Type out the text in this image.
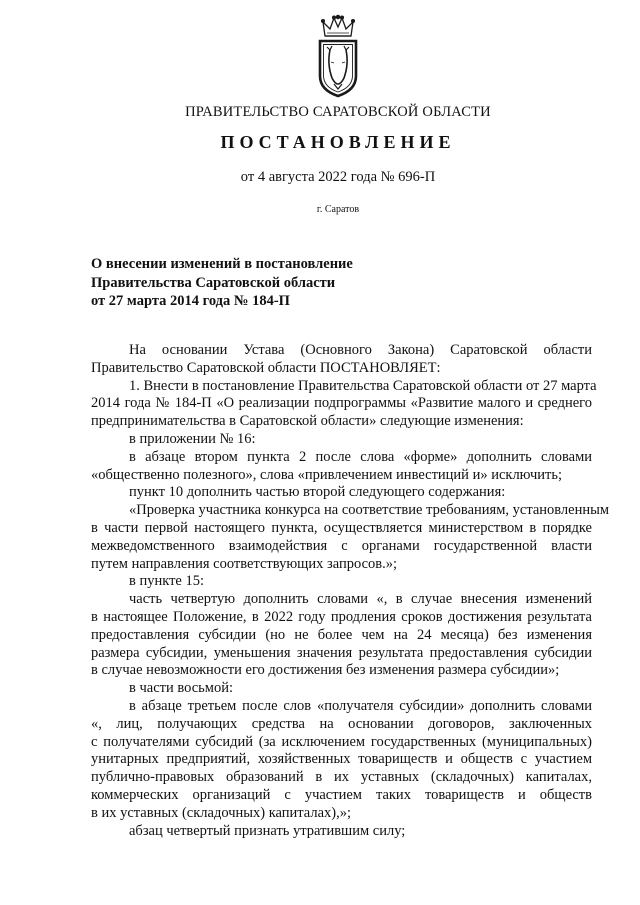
ПРАВИТЕЛЬСТВО САРАТОВСКОЙ ОБЛАСТИ
ПОСТАНОВЛЕНИЕ
от 4 августа 2022 года № 696-П
г. Саратов
О внесении изменений в постановление
Правительства Саратовской области
от 27 марта 2014 года № 184-П
На основании Устава (Основного Закона) Саратовской области
Правительство Саратовской области ПОСТАНОВЛЯЕТ:
1. Внести в постановление Правительства Саратовской области от 27 марта
2014 года № 184-П «О реализации подпрограммы «Развитие малого и среднего
предпринимательства в Саратовской области» следующие изменения:
в приложении № 16:
в абзаце втором пункта 2 после слова «форме» дополнить словами
«общественно полезного», слова «привлечением инвестиций и» исключить;
пункт 10 дополнить частью второй следующего содержания:
«Проверка участника конкурса на соответствие требованиям, установленным
в части первой настоящего пункта, осуществляется министерством в порядке
межведомственного взаимодействия с органами государственной власти
путем направления соответствующих запросов.»;
в пункте 15:
часть четвертую дополнить словами «, в случае внесения изменений
в настоящее Положение, в 2022 году продления сроков достижения результата
предоставления субсидии (но не более чем на 24 месяца) без изменения
размера субсидии, уменьшения значения результата предоставления субсидии
в случае невозможности его достижения без изменения размера субсидии»;
в части восьмой:
в абзаце третьем после слов «получателя субсидии» дополнить словами
«, лиц, получающих средства на основании договоров, заключенных
с получателями субсидий (за исключением государственных (муниципальных)
унитарных предприятий, хозяйственных товариществ и обществ с участием
публично-правовых образований в их уставных (складочных) капиталах,
коммерческих организаций с участием таких товариществ и обществ
в их уставных (складочных) капиталах),»;
абзац четвертый признать утратившим силу;
